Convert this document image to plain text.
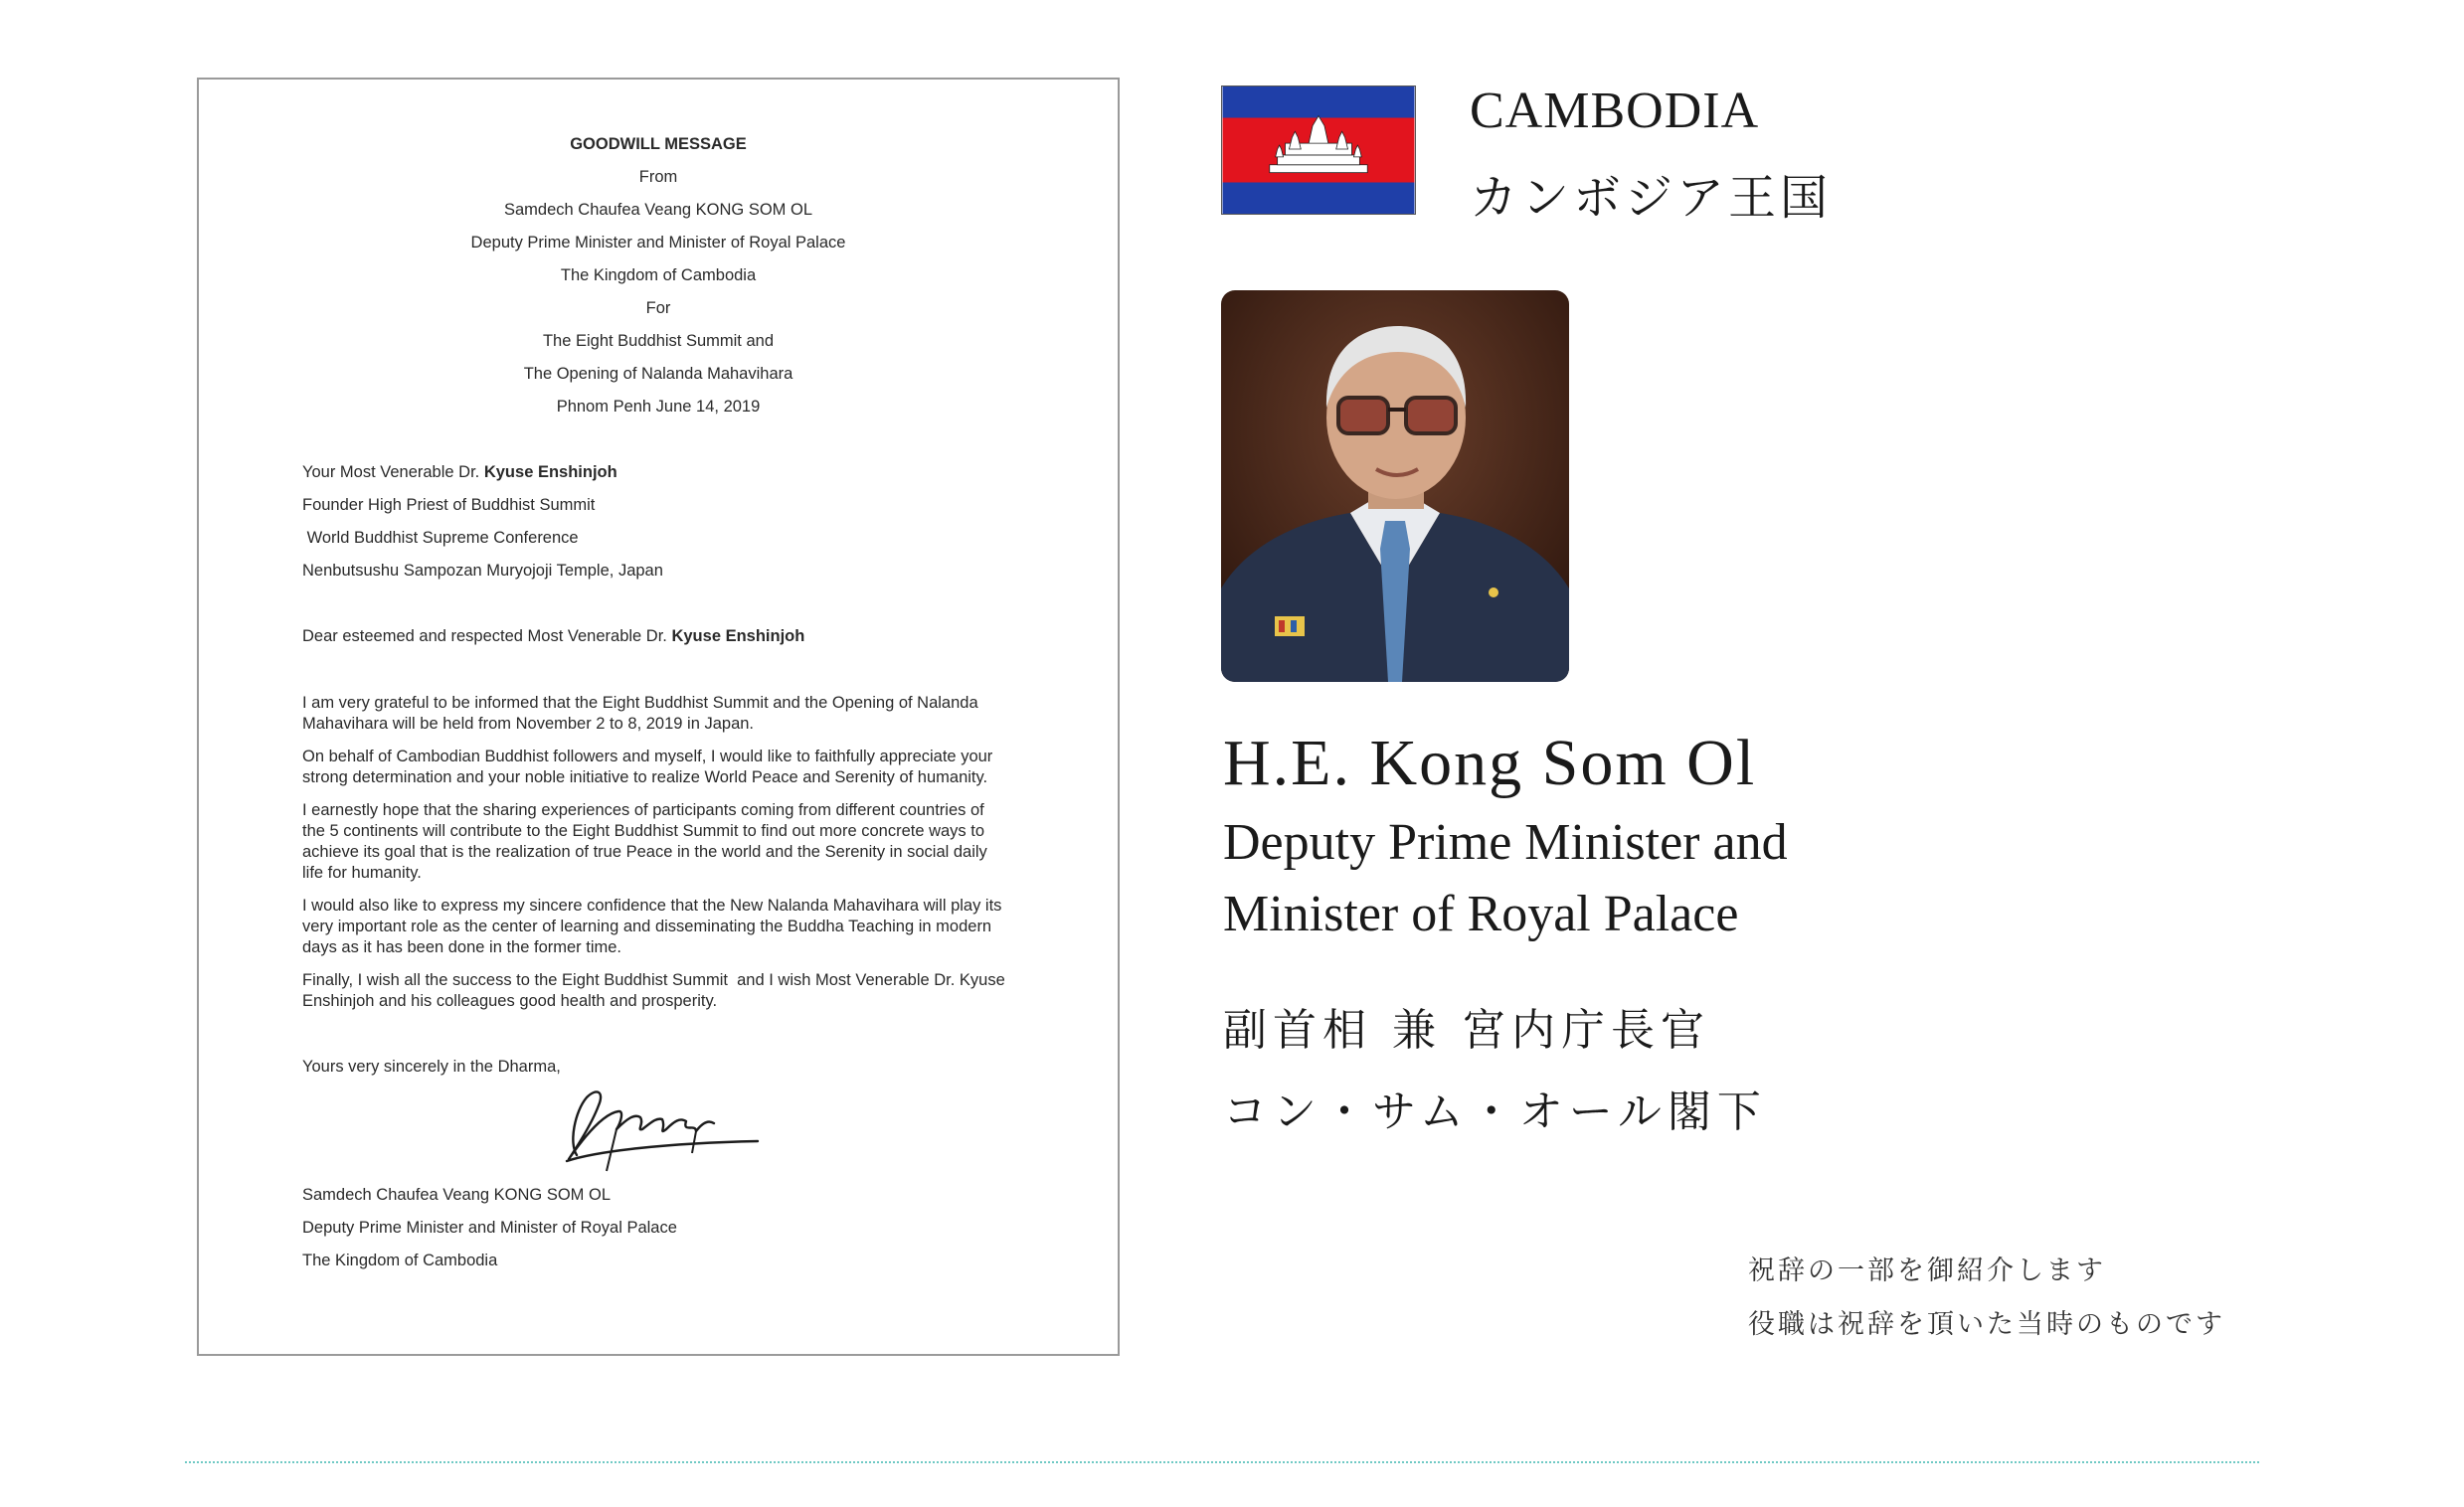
GOODWILL MESSAGE
From
Samdech Chaufea Veang KONG SOM OL
Deputy Prime Minister and Minister of Royal Palace
The Kingdom of Cambodia
For
The Eight Buddhist Summit and
The Opening of Nalanda Mahavihara
Phnom Penh June 14, 2019
Your Most Venerable Dr. Kyuse Enshinjoh
Founder High Priest of Buddhist Summit
World Buddhist Supreme Conference
Nenbutsushu Sampozan Muryojoji Temple, Japan
Dear esteemed and respected Most Venerable Dr. Kyuse Enshinjoh
I am very grateful to be informed that the Eight Buddhist Summit and the Opening of Nalanda Mahavihara will be held from November 2 to 8, 2019 in Japan.
On behalf of Cambodian Buddhist followers and myself, I would like to faithfully appreciate your strong determination and your noble initiative to realize World Peace and Serenity of humanity.
I earnestly hope that the sharing experiences of participants coming from different countries of the 5 continents will contribute to the Eight Buddhist Summit to find out more concrete ways to achieve its goal that is the realization of true Peace in the world and the Serenity in social daily life for humanity.
I would also like to express my sincere confidence that the New Nalanda Mahavihara will play its very important role as the center of learning and disseminating the Buddha Teaching in modern days as it has been done in the former time.
Finally, I wish all the success to the Eight Buddhist Summit  and I wish Most Venerable Dr. Kyuse  Enshinjoh and his colleagues good health and prosperity.
Yours very sincerely in the Dharma,
Samdech Chaufea Veang KONG SOM OL
Deputy Prime Minister and Minister of Royal Palace
The Kingdom of Cambodia
CAMBODIA
カンボジア王国
H.E. Kong Som Ol
Deputy Prime Minister and
Minister of Royal Palace
副首相 兼 宮内庁長官
コン・サム・オール閣下
祝辞の一部を御紹介します
役職は祝辞を頂いた当時のものです
